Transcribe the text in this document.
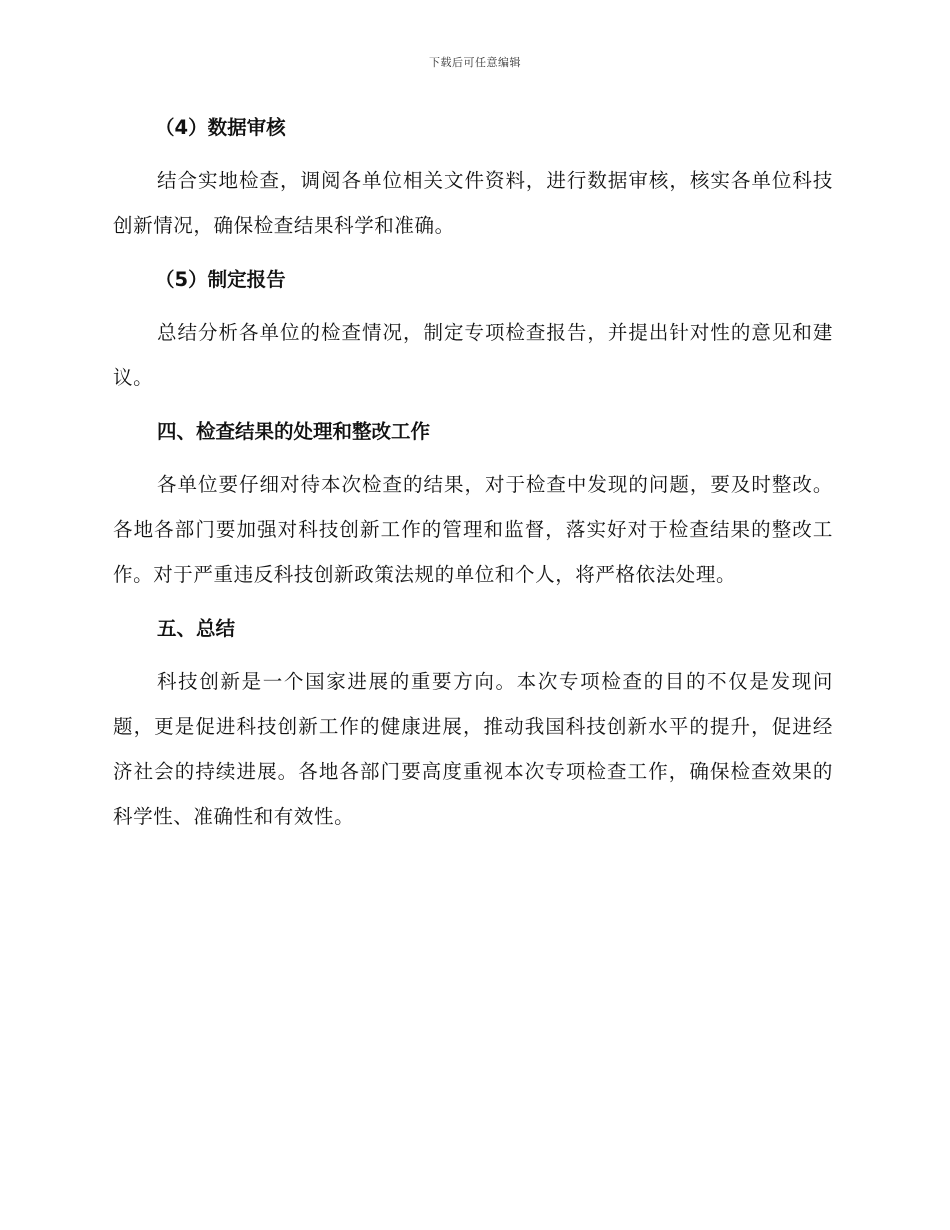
下载后可任意编辑

（4）数据审核

结合实地检查，调阅各单位相关文件资料，进行数据审核，核实各单位科技创新情况，确保检查结果科学和准确。

（5）制定报告

总结分析各单位的检查情况，制定专项检查报告，并提出针对性的意见和建议。

四、检查结果的处理和整改工作

各单位要仔细对待本次检查的结果，对于检查中发现的问题，要及时整改。各地各部门要加强对科技创新工作的管理和监督，落实好对于检查结果的整改工作。对于严重违反科技创新政策法规的单位和个人，将严格依法处理。

五、总结

科技创新是一个国家进展的重要方向。本次专项检查的目的不仅是发现问题，更是促进科技创新工作的健康进展，推动我国科技创新水平的提升，促进经济社会的持续进展。各地各部门要高度重视本次专项检查工作，确保检查效果的科学性、准确性和有效性。
